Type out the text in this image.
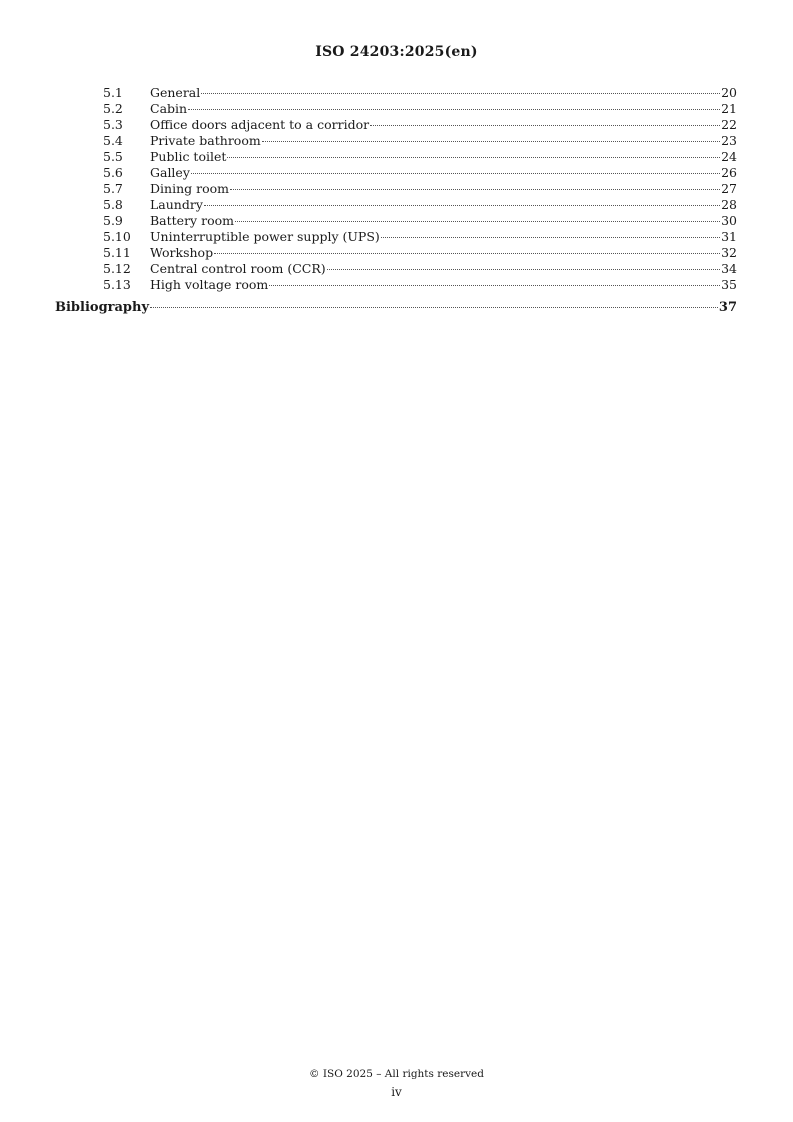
ISO 24203:2025(en)
5.1	General	20
5.2	Cabin	21
5.3	Office doors adjacent to a corridor	22
5.4	Private bathroom	23
5.5	Public toilet	24
5.6	Galley	26
5.7	Dining room	27
5.8	Laundry	28
5.9	Battery room	30
5.10	Uninterruptible power supply (UPS)	31
5.11	Workshop	32
5.12	Central control room (CCR)	34
5.13	High voltage room	35
Bibliography	37
© ISO 2025 – All rights reserved
iv
